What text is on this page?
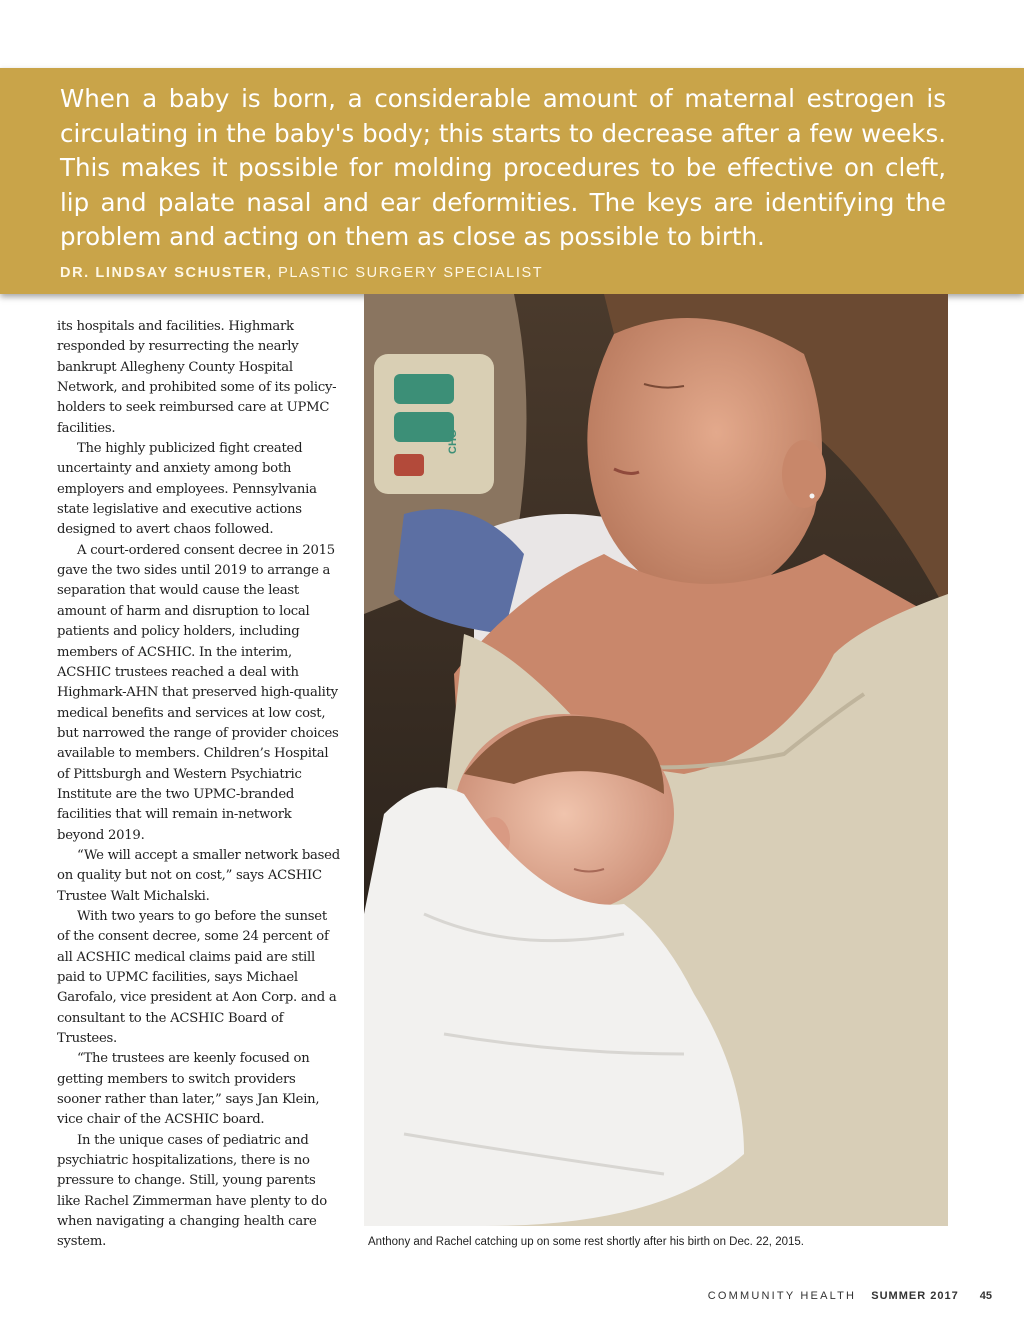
When a baby is born, a considerable amount of maternal estrogen is circulating in the baby's body; this starts to decrease after a few weeks. This makes it possible for molding procedures to be effective on cleft, lip and palate nasal and ear deformities. The keys are identifying the problem and acting on them as close as possible to birth.

DR. LINDSAY SCHUSTER, PLASTIC SURGERY SPECIALIST

its hospitals and facilities. Highmark responded by resurrecting the nearly bankrupt Allegheny County Hospital Network, and prohibited some of its policy-holders to seek reimbursed care at UPMC facilities.

The highly publicized fight created uncertainty and anxiety among both employers and employees. Pennsylvania state legislative and executive actions designed to avert chaos followed.

A court-ordered consent decree in 2015 gave the two sides until 2019 to arrange a separation that would cause the least amount of harm and disruption to local patients and policy holders, including members of ACSHIC. In the interim, ACSHIC trustees reached a deal with Highmark-AHN that preserved high-quality medical benefits and services at low cost, but narrowed the range of provider choices available to members. Children’s Hospital of Pittsburgh and Western Psychiatric Institute are the two UPMC-branded facilities that will remain in-network beyond 2019.

“We will accept a smaller network based on quality but not on cost,” says ACSHIC Trustee Walt Michalski.

With two years to go before the sunset of the consent decree, some 24 percent of all ACSHIC medical claims paid are still paid to UPMC facilities, says Michael Garofalo, vice president at Aon Corp. and a consultant to the ACSHIC Board of Trustees.

“The trustees are keenly focused on getting members to switch providers sooner rather than later,” says Jan Klein, vice chair of the ACSHIC board.

In the unique cases of pediatric and psychiatric hospitalizations, there is no pressure to change. Still, young parents like Rachel Zimmerman have plenty to do when navigating a changing health care system.

CHG
Anthony and Rachel catching up on some rest shortly after his birth on Dec. 22, 2015.
COMMUNITY HEALTH SUMMER 2017 45
